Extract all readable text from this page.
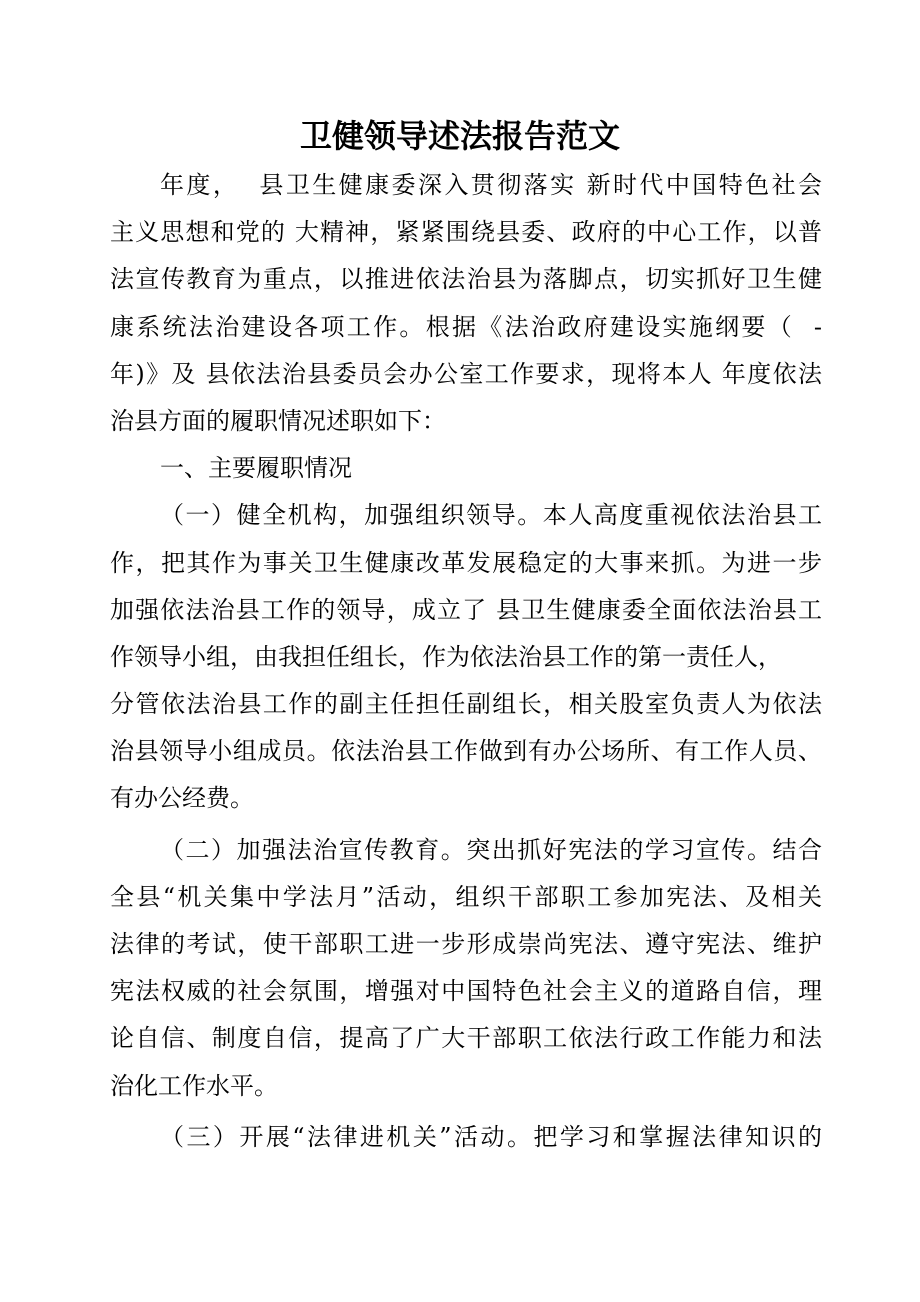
卫健领导述法报告范文
年度，  县卫生健康委深入贯彻落实 新时代中国特色社会
主义思想和党的 大精神，紧紧围绕县委、政府的中心工作，以普
法宣传教育为重点，以推进依法治县为落脚点，切实抓好卫生健
康系统法治建设各项工作。根据《法治政府建设实施纲要（  -
年)》及 县依法治县委员会办公室工作要求，现将本人 年度依法
治县方面的履职情况述职如下：
一、主要履职情况
（一）健全机构，加强组织领导。本人高度重视依法治县工
作，把其作为事关卫生健康改革发展稳定的大事来抓。为进一步
加强依法治县工作的领导，成立了 县卫生健康委全面依法治县工
作领导小组，由我担任组长，作为依法治县工作的第一责任人，
分管依法治县工作的副主任担任副组长，相关股室负责人为依法
治县领导小组成员。依法治县工作做到有办公场所、有工作人员、
有办公经费。
（二）加强法治宣传教育。突出抓好宪法的学习宣传。结合
全县“机关集中学法月”活动，组织干部职工参加宪法、及相关
法律的考试，使干部职工进一步形成崇尚宪法、遵守宪法、维护
宪法权威的社会氛围，增强对中国特色社会主义的道路自信，理
论自信、制度自信，提高了广大干部职工依法行政工作能力和法
治化工作水平。
（三）开展“法律进机关”活动。把学习和掌握法律知识的
